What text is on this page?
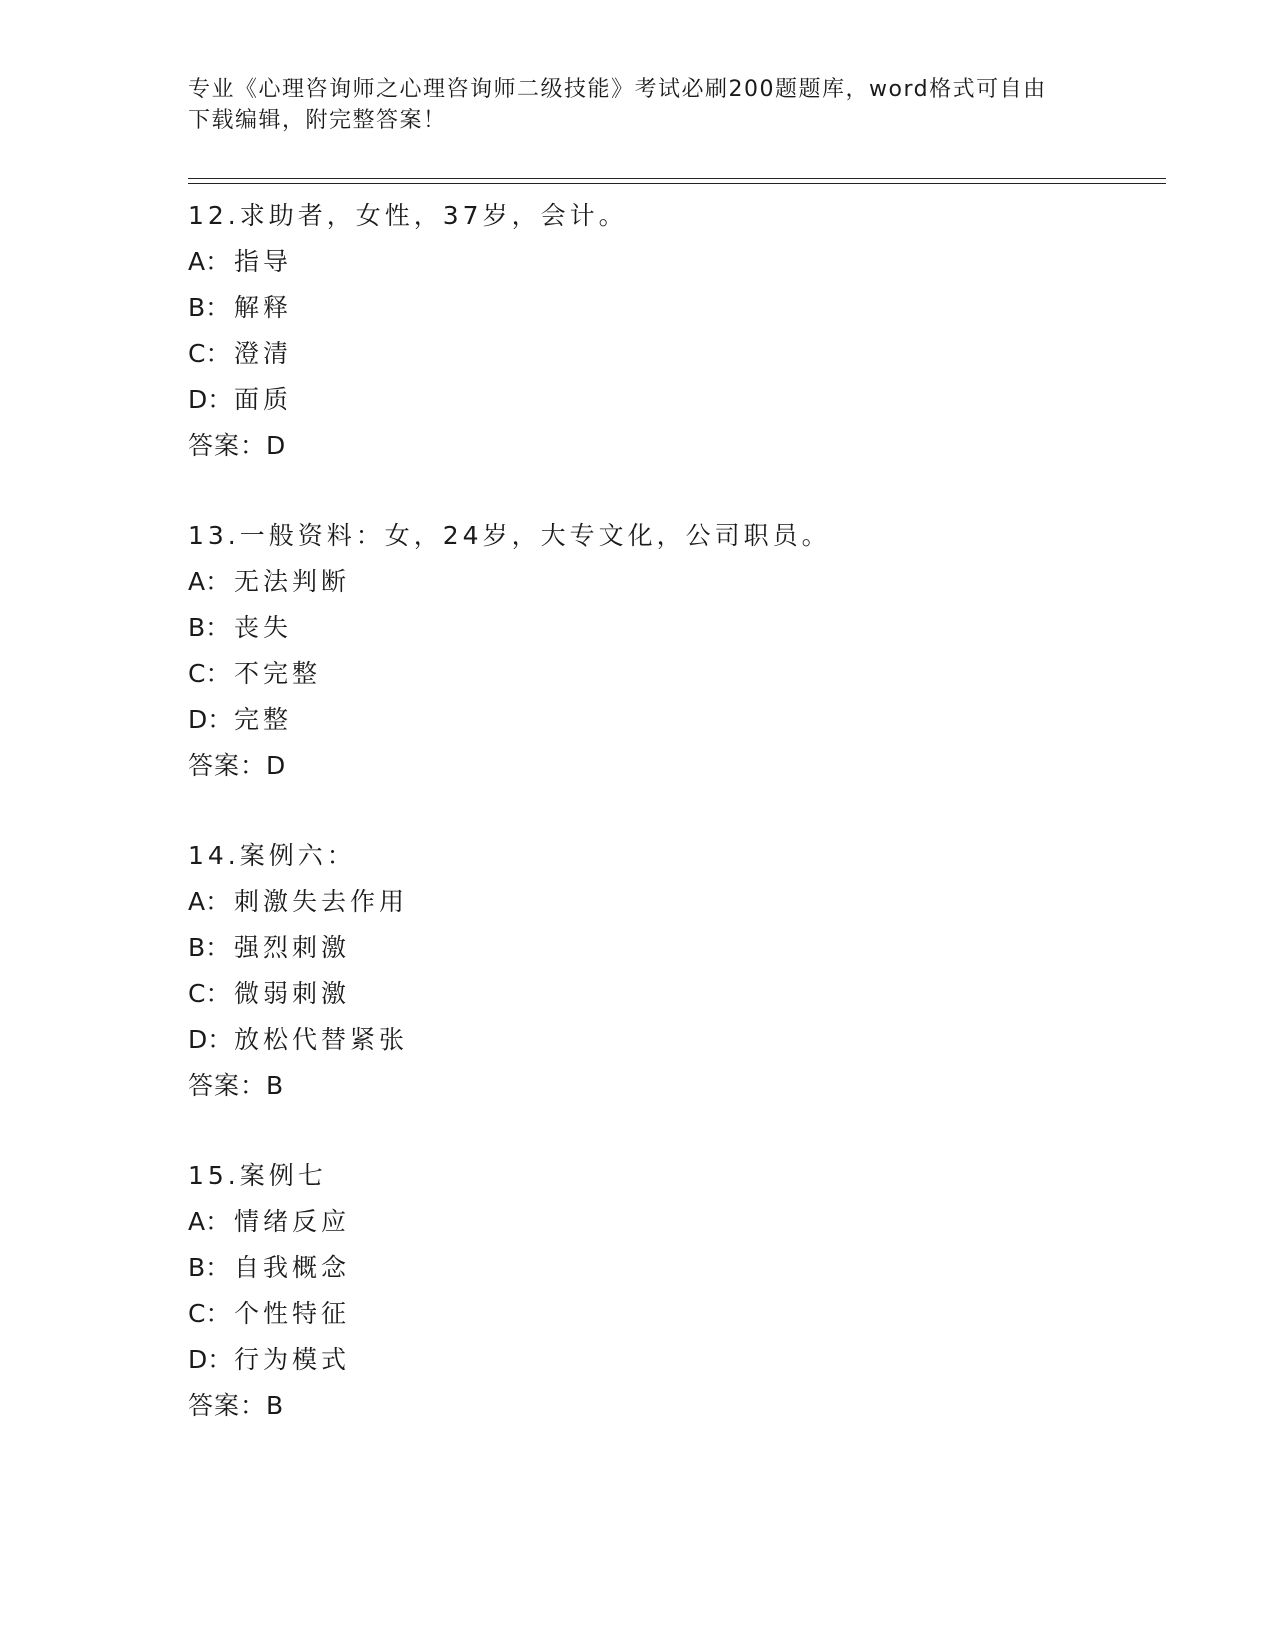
专业《心理咨询师之心理咨询师二级技能》考试必刷200题题库，word格式可自由下载编辑，附完整答案！
12.求助者，女性，37岁，会计。
A： 指导
B： 解释
C： 澄清
D：面质
答案：D
13.一般资料：女，24岁，大专文化，公司职员。
A： 无法判断
B： 丧失
C： 不完整
D：完整
答案：D
14.案例六：
A： 刺激失去作用
B： 强烈刺激
C： 微弱刺激
D：放松代替紧张
答案：B
15.案例七
A： 情绪反应
B： 自我概念
C： 个性特征
D：行为模式
答案：B
